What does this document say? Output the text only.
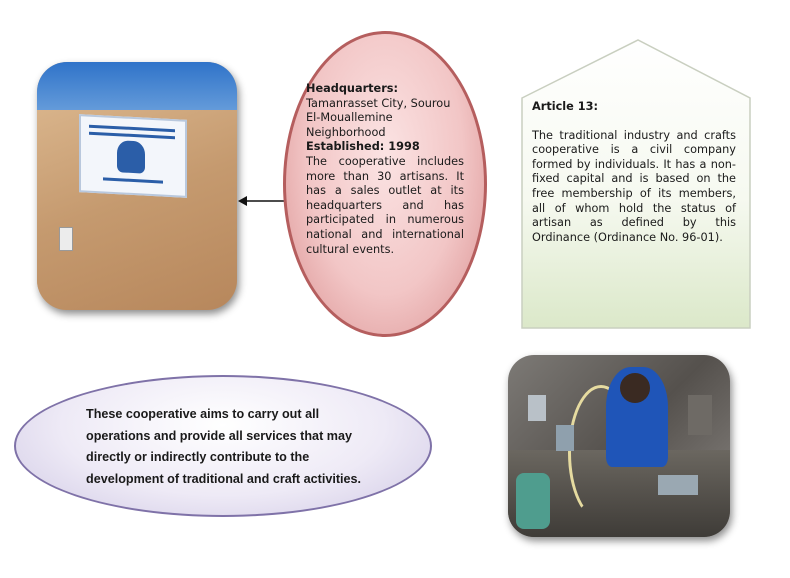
Headquarters:
Tamanrasset City, Sourou El-Mouallemine Neighborhood
Established: 1998
The cooperative includes more than 30 artisans. It has a sales outlet at its headquarters and has participated in numerous national and international cultural events.
Article 13:
The traditional industry and crafts cooperative is a civil company formed by individuals. It has a non-fixed capital and is based on the free membership of its members, all of whom hold the status of artisan as defined by this Ordinance (Ordinance No. 96-01).
These cooperative aims to carry out all operations and provide all services that may directly or indirectly contribute to the development of traditional and craft activities.
